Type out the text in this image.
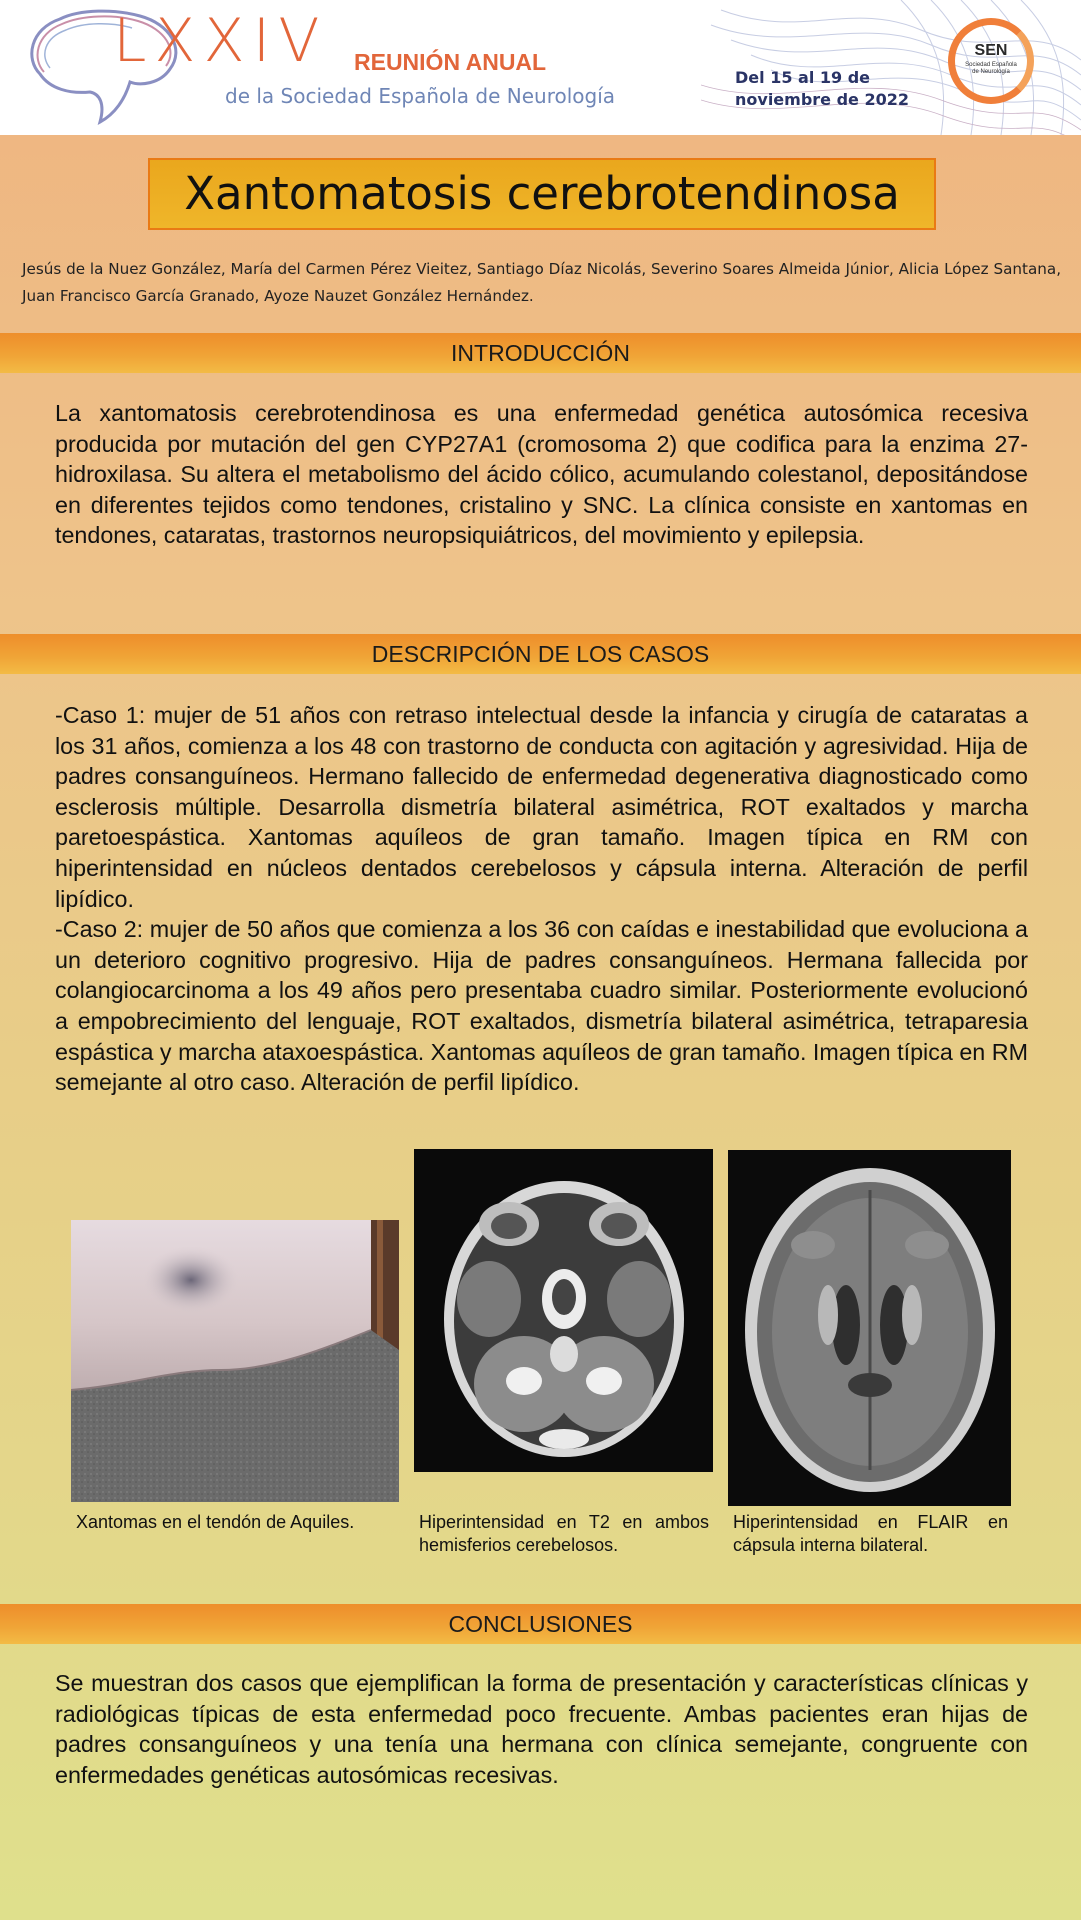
LXXIV REUNIÓN ANUAL
de la Sociedad Española de Neurología
Del 15 al 19 de
noviembre de 2022
SEN
Sociedad Española de Neurología
Xantomatosis cerebrotendinosa
Jesús de la Nuez González, María del Carmen Pérez Vieitez, Santiago Díaz Nicolás, Severino Soares Almeida Júnior, Alicia López Santana, Juan Francisco García Granado, Ayoze Nauzet González Hernández.
INTRODUCCIÓN
La xantomatosis cerebrotendinosa es una enfermedad genética autosómica recesiva producida por mutación del gen CYP27A1 (cromosoma 2) que codifica para la enzima 27-hidroxilasa. Su altera el metabolismo del ácido cólico, acumulando colestanol, depositándose en diferentes tejidos como tendones, cristalino y SNC. La clínica consiste en xantomas en tendones, cataratas, trastornos neuropsiquiátricos, del movimiento y epilepsia.
DESCRIPCIÓN DE LOS CASOS
-Caso 1: mujer de 51 años con retraso intelectual desde la infancia y cirugía de cataratas a los 31 años, comienza a los 48 con trastorno de conducta con agitación y agresividad. Hija de padres consanguíneos. Hermano fallecido de enfermedad degenerativa diagnosticado como esclerosis múltiple. Desarrolla dismetría bilateral asimétrica, ROT exaltados y marcha paretoespástica. Xantomas aquíleos de gran tamaño. Imagen típica en RM con hiperintensidad en núcleos dentados cerebelosos y cápsula interna. Alteración de perfil lipídico.
-Caso 2: mujer de 50 años que comienza a los 36 con caídas e inestabilidad que evoluciona a un deterioro cognitivo progresivo. Hija de padres consanguíneos. Hermana fallecida por colangiocarcinoma a los 49 años pero presentaba cuadro similar. Posteriormente evolucionó a empobrecimiento del lenguaje, ROT exaltados, dismetría bilateral asimétrica, tetraparesia espástica y marcha ataxoespástica. Xantomas aquíleos de gran tamaño. Imagen típica en RM semejante al otro caso. Alteración de perfil lipídico.
Xantomas en el tendón de Aquiles.	Hiperintensidad en T2 en ambos hemisferios cerebelosos.
Hiperintensidad en FLAIR en cápsula interna bilateral.
CONCLUSIONES
Se muestran dos casos que ejemplifican la forma de presentación y características clínicas y radiológicas típicas de esta enfermedad poco frecuente. Ambas pacientes eran hijas de padres consanguíneos y una tenía una hermana con clínica semejante, congruente con enfermedades genéticas autosómicas recesivas.
